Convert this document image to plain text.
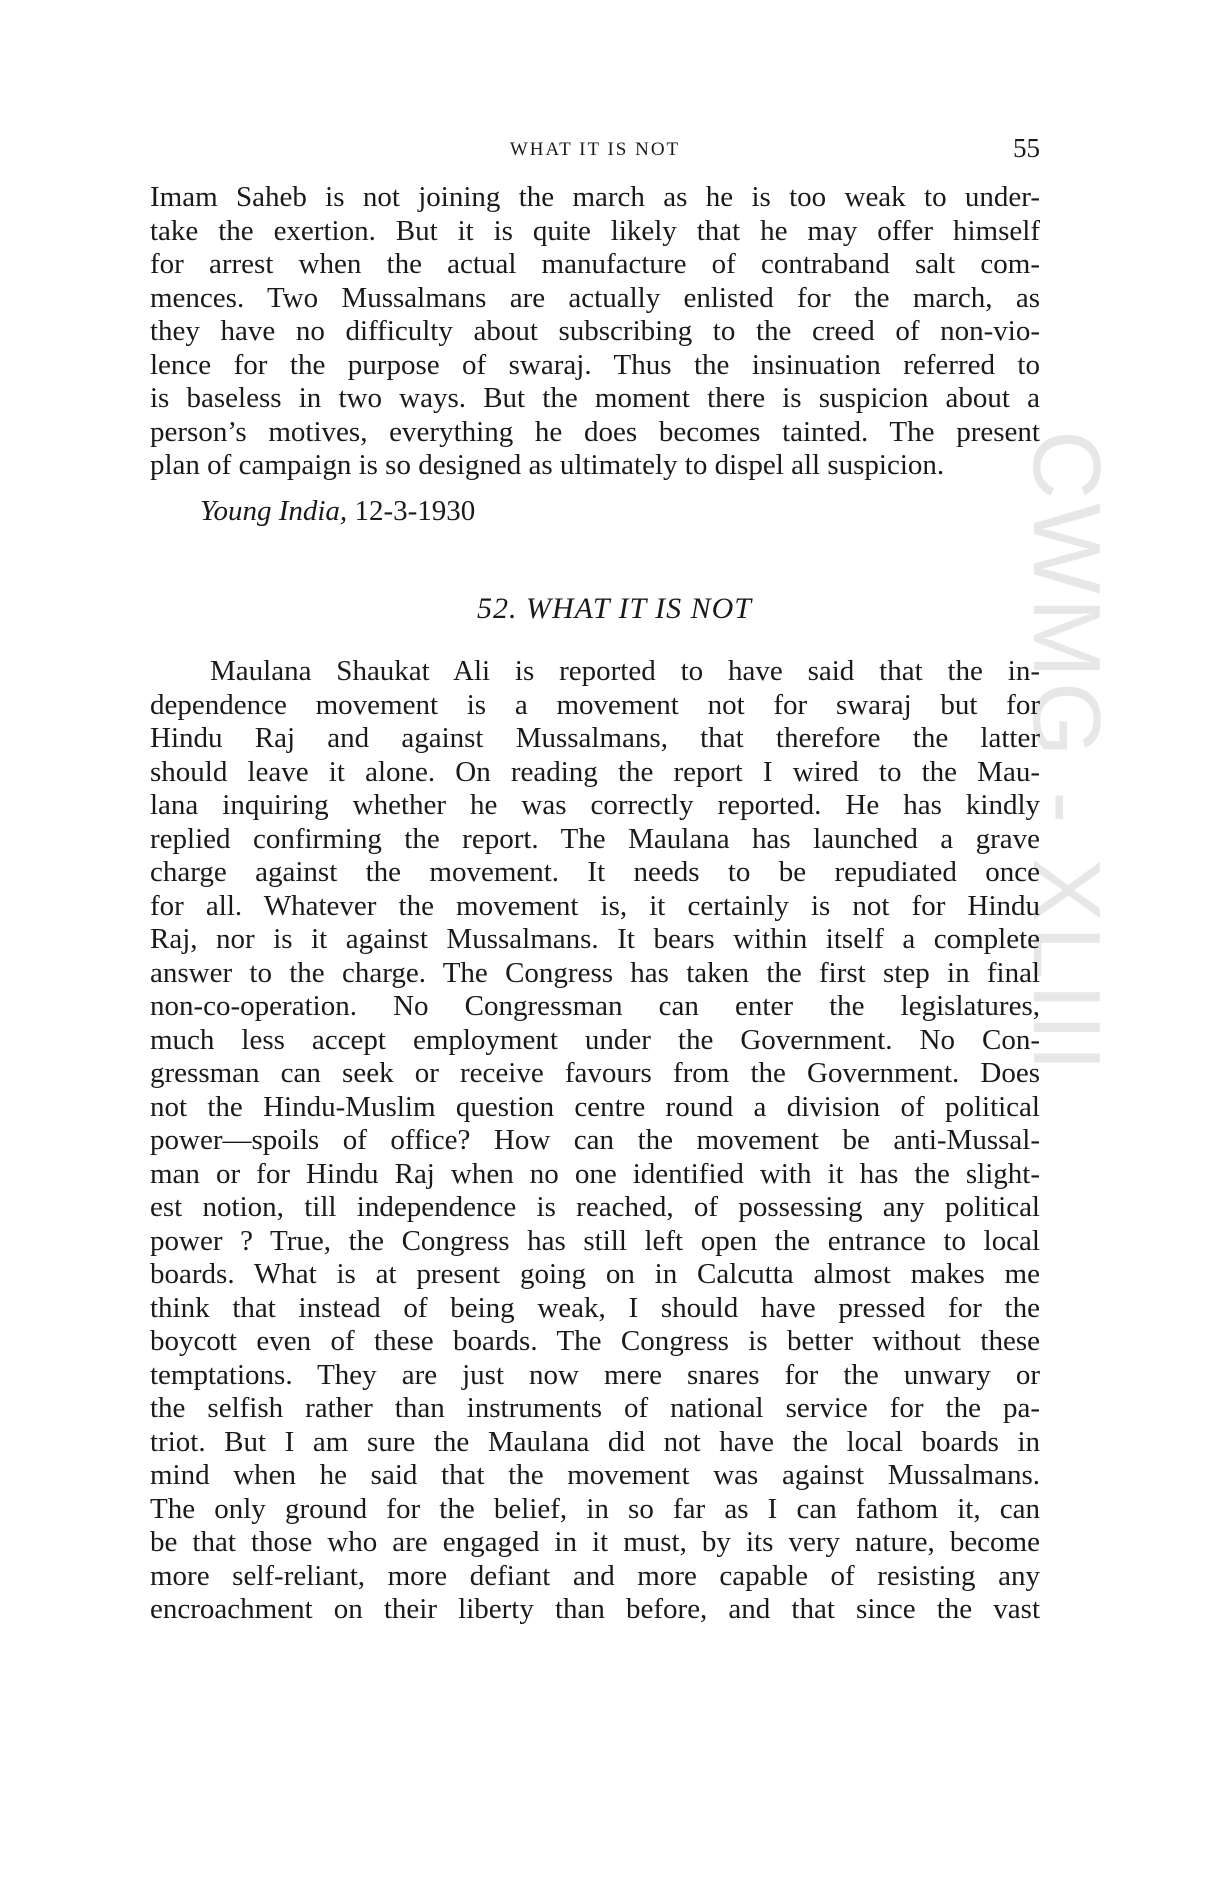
CWMG - XLIII
WHAT IT IS NOT	55
Imam Saheb is not joining the march as he is too weak to under-
take the exertion. But it is quite likely that he may offer himself
for arrest when the actual manufacture of contraband salt com-
mences. Two Mussalmans are actually enlisted for the march, as
they have no difficulty about subscribing to the creed of non-vio-
lence for the purpose of swaraj. Thus the insinuation referred to
is baseless in two ways. But the moment there is suspicion about a
person’s motives, everything he does becomes tainted. The present
plan of campaign is so designed as ultimately to dispel all suspicion.
Young India, 12-3-1930
52. WHAT IT IS NOT
Maulana Shaukat Ali is reported to have said that the in-
dependence movement is a movement not for swaraj but for
Hindu Raj and against Mussalmans, that therefore the latter
should leave it alone. On reading the report I wired to the Mau-
lana inquiring whether he was correctly reported. He has kindly
replied confirming the report. The Maulana has launched a grave
charge against the movement. It needs to be repudiated once
for all. Whatever the movement is, it certainly is not for Hindu
Raj, nor is it against Mussalmans. It bears within itself a complete
answer to the charge. The Congress has taken the first step in final
non-co-operation. No Congressman can enter the legislatures,
much less accept employment under the Government. No Con-
gressman can seek or receive favours from the Government. Does
not the Hindu-Muslim question centre round a division of political
power—spoils of office? How can the movement be anti-Mussal-
man or for Hindu Raj when no one identified with it has the slight-
est notion, till independence is reached, of possessing any political
power ? True, the Congress has still left open the entrance to local
boards. What is at present going on in Calcutta almost makes me
think that instead of being weak, I should have pressed for the
boycott even of these boards. The Congress is better without these
temptations. They are just now mere snares for the unwary or
the selfish rather than instruments of national service for the pa-
triot. But I am sure the Maulana did not have the local boards in
mind when he said that the movement was against Mussalmans.
The only ground for the belief, in so far as I can fathom it, can
be that those who are engaged in it must, by its very nature, become
more self-reliant, more defiant and more capable of resisting any
encroachment on their liberty than before, and that since the vast
